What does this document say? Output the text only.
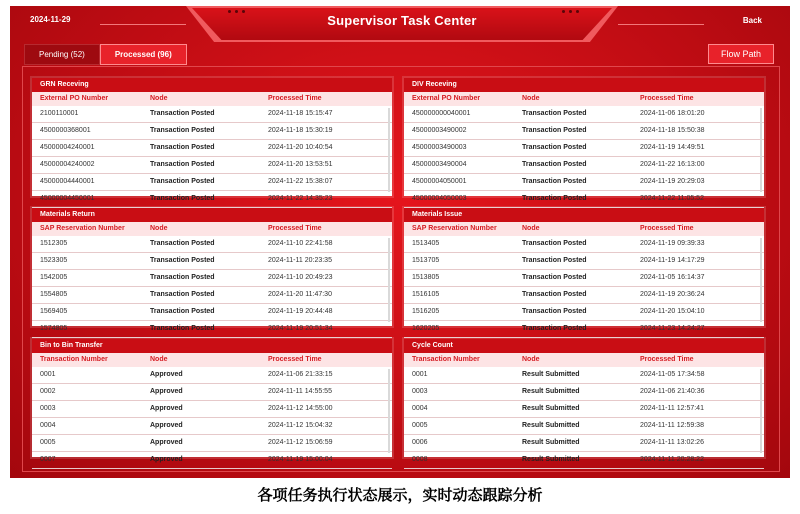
2024-11-29	Supervisor Task Center	Back
Pending (52)	Processed (96)	Flow Path
GRN Receving
External PO Number	Node	Processed Time
2100110001	Transaction Posted	2024-11-18 15:15:47
4500000368001	Transaction Posted	2024-11-18 15:30:19
45000004240001	Transaction Posted	2024-11-20 10:40:54
45000004240002	Transaction Posted	2024-11-20 13:53:51
45000004440001	Transaction Posted	2024-11-22 15:38:07
45000004450001	Transaction Posted	2024-11-22 14:35:23
DIV Receving
External PO Number	Node	Processed Time
450000000040001	Transaction Posted	2024-11-06 18:01:20
45000003490002	Transaction Posted	2024-11-18 15:50:38
45000003490003	Transaction Posted	2024-11-19 14:49:51
45000003490004	Transaction Posted	2024-11-22 16:13:00
45000004050001	Transaction Posted	2024-11-19 20:29:03
45000004050003	Transaction Posted	2024-11-22 11:05:52
Materials Return
SAP Reservation Number	Node	Processed Time
1512305	Transaction Posted	2024-11-10 22:41:58
1523305	Transaction Posted	2024-11-11 20:23:35
1542005	Transaction Posted	2024-11-10 20:49:23
1554805	Transaction Posted	2024-11-20 11:47:30
1569405	Transaction Posted	2024-11-19 20:44:48
1574805	Transaction Posted	2024-11-19 20:51:34
Materials Issue
SAP Reservation Number	Node	Processed Time
1513405	Transaction Posted	2024-11-19 09:39:33
1513705	Transaction Posted	2024-11-19 14:17:29
1513805	Transaction Posted	2024-11-05 16:14:37
1516105	Transaction Posted	2024-11-19 20:36:24
1516205	Transaction Posted	2024-11-20 15:04:10
1620205	Transaction Posted	2024-11-23 14:24:27
Bin to Bin Transfer
Transaction Number	Node	Processed Time
0001	Approved	2024-11-06 21:33:15
0002	Approved	2024-11-11 14:55:55
0003	Approved	2024-11-12 14:55:00
0004	Approved	2024-11-12 15:04:32
0005	Approved	2024-11-12 15:06:59
0007	Approved	2024-11-19 15:00:04
Cycle Count
Transaction Number	Node	Processed Time
0001	Result Submitted	2024-11-05 17:34:58
0003	Result Submitted	2024-11-06 21:40:36
0004	Result Submitted	2024-11-11 12:57:41
0005	Result Submitted	2024-11-11 12:59:38
0006	Result Submitted	2024-11-11 13:02:26
0008	Result Submitted	2024-11-11 20:28:22
各项任务执行状态展示，实时动态跟踪分析
